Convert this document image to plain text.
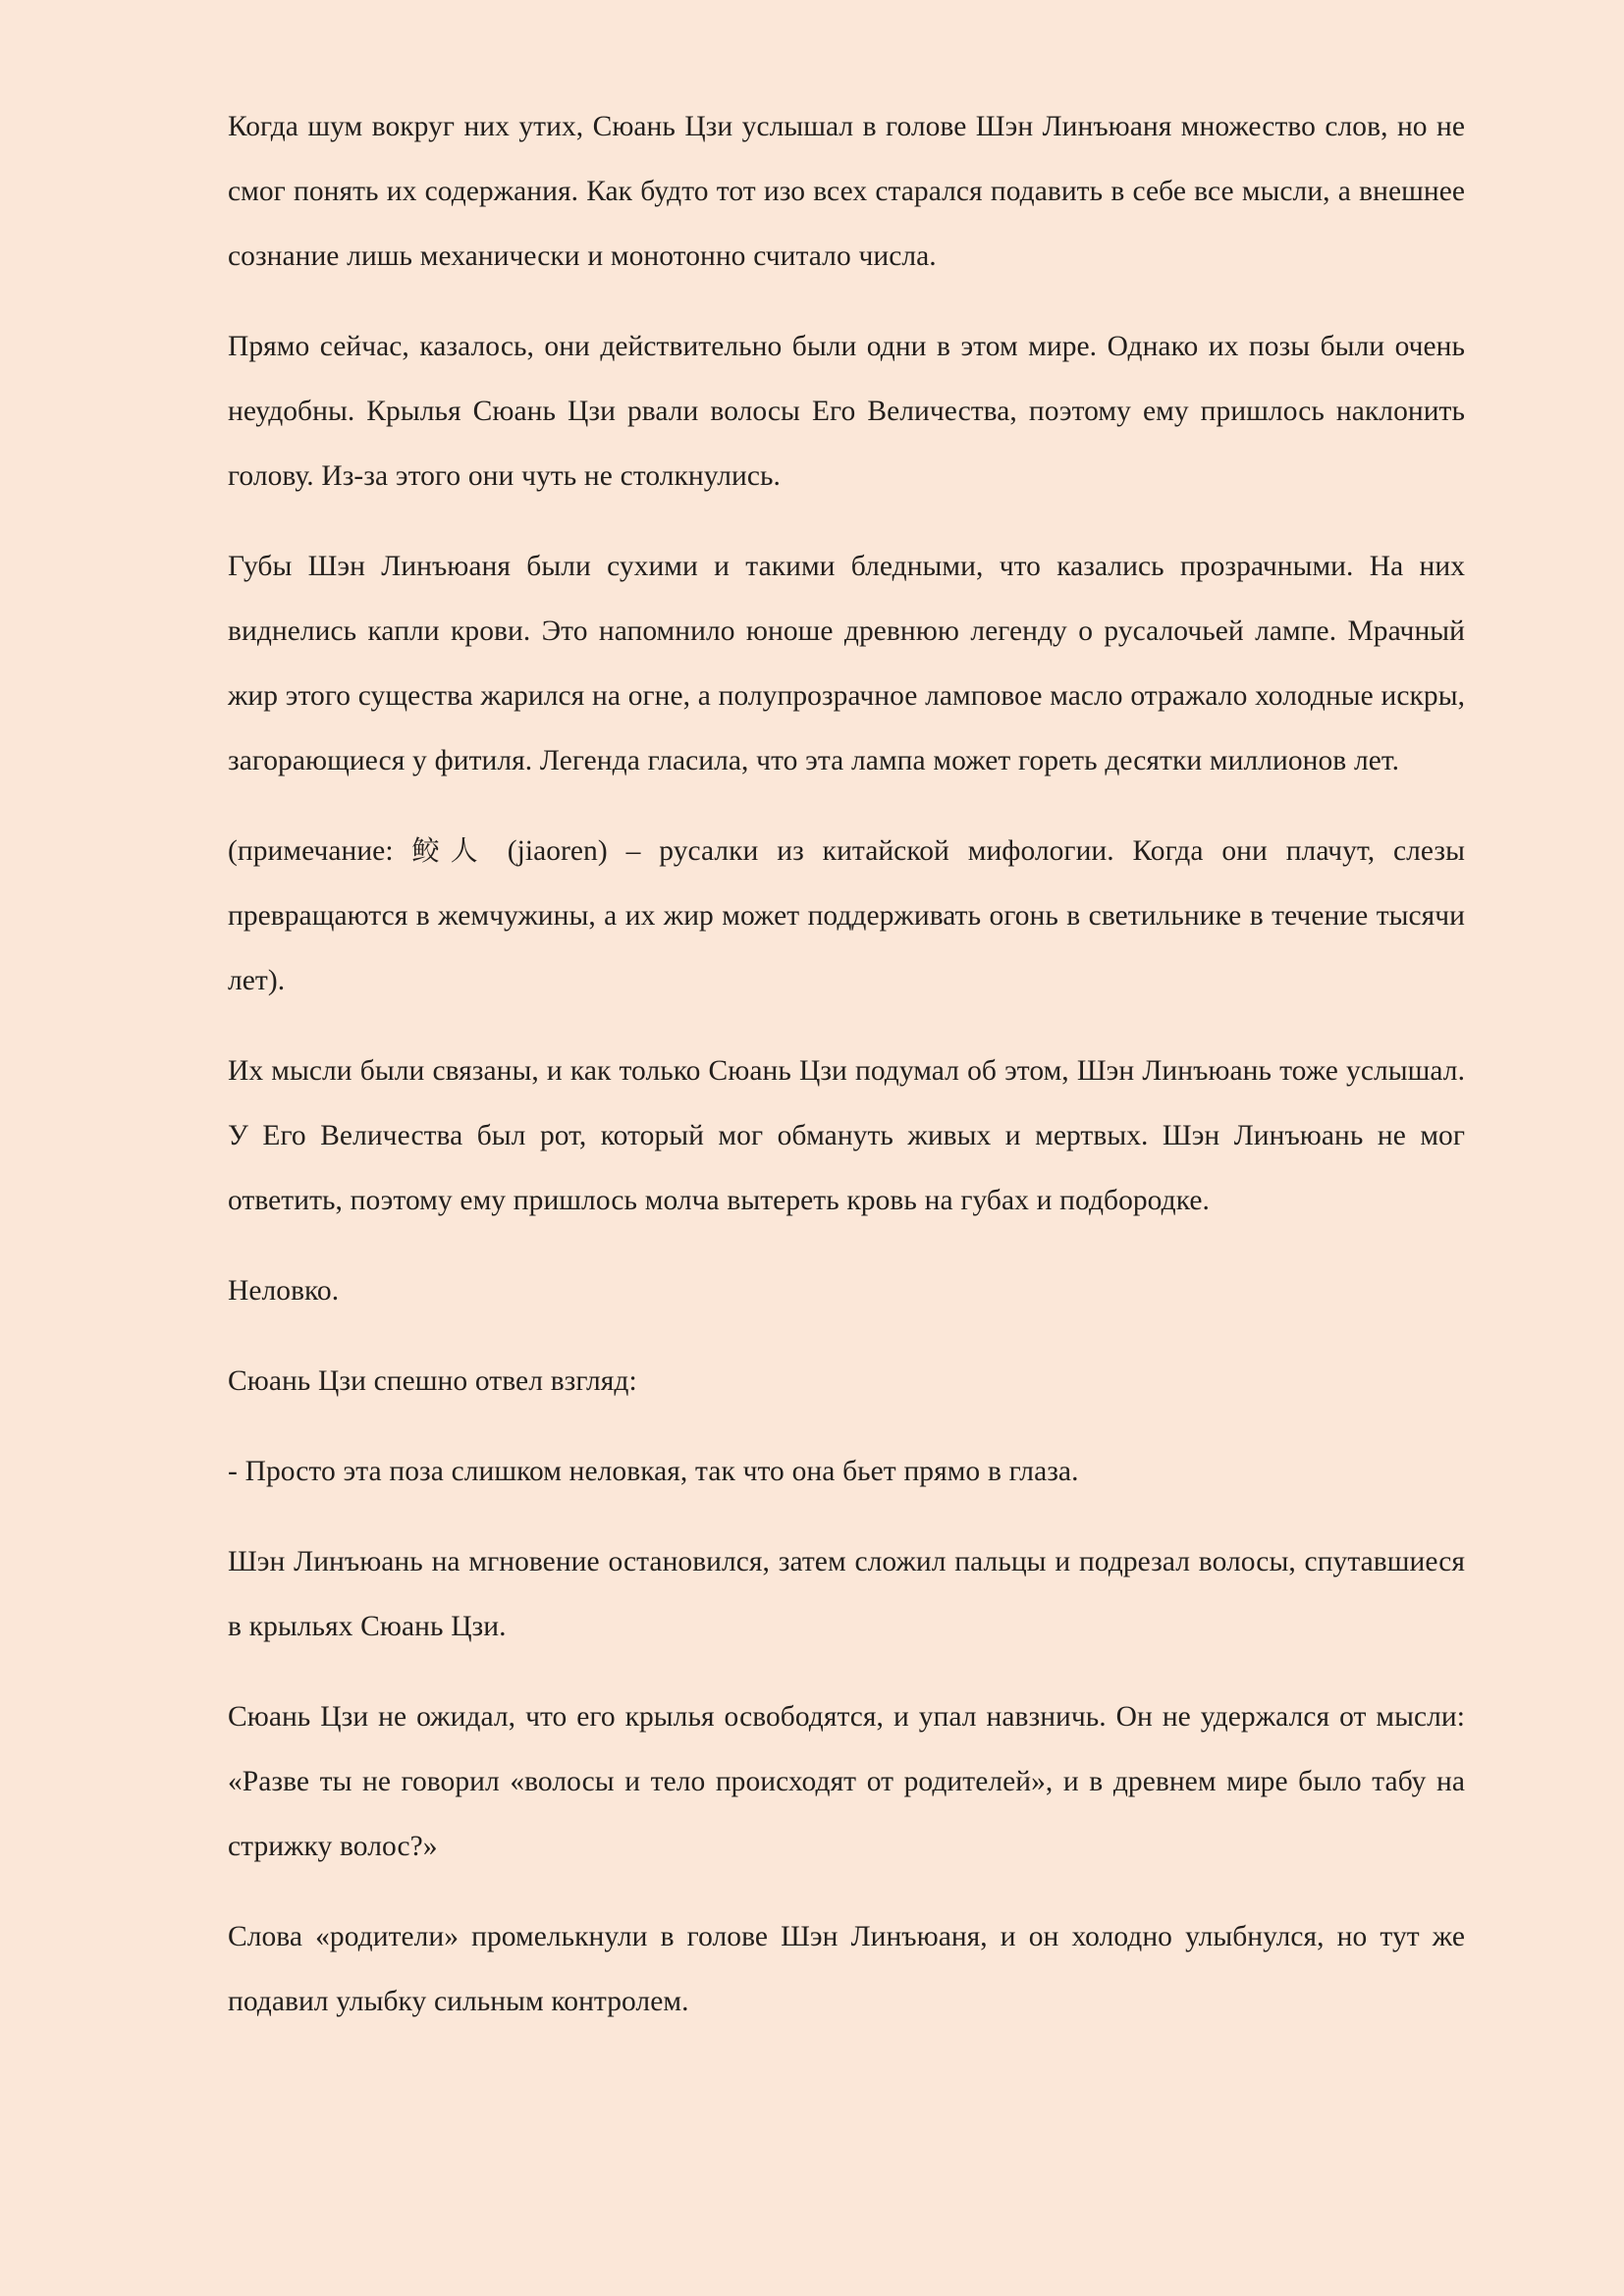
Когда шум вокруг них утих, Сюань Цзи услышал в голове Шэн Линъюаня множество слов, но не смог понять их содержания. Как будто тот изо всех старался подавить в себе все мысли, а внешнее сознание лишь механически и монотонно считало числа.

Прямо сейчас, казалось, они действительно были одни в этом мире. Однако их позы были очень неудобны. Крылья Сюань Цзи рвали волосы Его Величества, поэтому ему пришлось наклонить голову. Из-за этого они чуть не столкнулись.

Губы Шэн Линъюаня были сухими и такими бледными, что казались прозрачными. На них виднелись капли крови. Это напомнило юноше древнюю легенду о русалочьей лампе. Мрачный жир этого существа жарился на огне, а полупрозрачное ламповое масло отражало холодные искры, загорающиеся у фитиля. Легенда гласила, что эта лампа может гореть десятки миллионов лет.

(примечание: 鲛人 (jiaoren) – русалки из китайской мифологии. Когда они плачут, слезы превращаются в жемчужины, а их жир может поддерживать огонь в светильнике в течение тысячи лет).

Их мысли были связаны, и как только Сюань Цзи подумал об этом, Шэн Линъюань тоже услышал. У Его Величества был рот, который мог обмануть живых и мертвых. Шэн Линъюань не мог ответить, поэтому ему пришлось молча вытереть кровь на губах и подбородке.

Неловко.

Сюань Цзи спешно отвел взгляд:

- Просто эта поза слишком неловкая, так что она бьет прямо в глаза.

Шэн Линъюань на мгновение остановился, затем сложил пальцы и подрезал волосы, спутавшиеся в крыльях Сюань Цзи.

Сюань Цзи не ожидал, что его крылья освободятся, и упал навзничь. Он не удержался от мысли: «Разве ты не говорил «волосы и тело происходят от родителей», и в древнем мире было табу на стрижку волос?»

Слова «родители» промелькнули в голове Шэн Линъюаня, и он холодно улыбнулся, но тут же подавил улыбку сильным контролем.
